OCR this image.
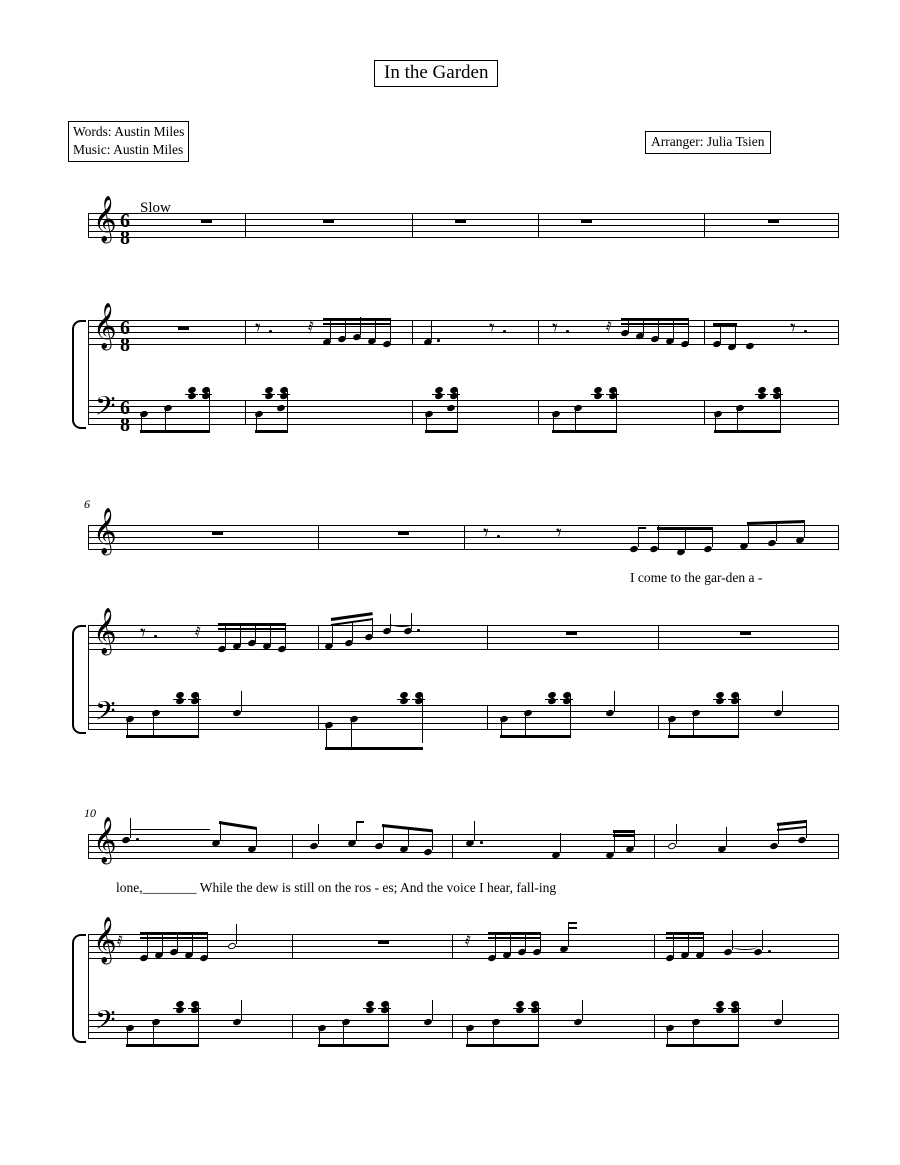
In the Garden
Words: Austin Miles
Music: Austin Miles
Arranger: Julia Tsien
𝄞 6
8
Slow
𝄞 6
8
𝄾	𝅀	𝄾	𝄾	𝅀	𝄾
𝄢 6
8
6
𝄞	𝄾	𝄾
I come to the gar-den a -
𝄞 𝄾	𝅀
𝄢
10
𝄞
lone,________ While the dew is still on the ros - es; And the voice I hear, fall-ing
𝄞 𝅀	𝅀
𝄢
